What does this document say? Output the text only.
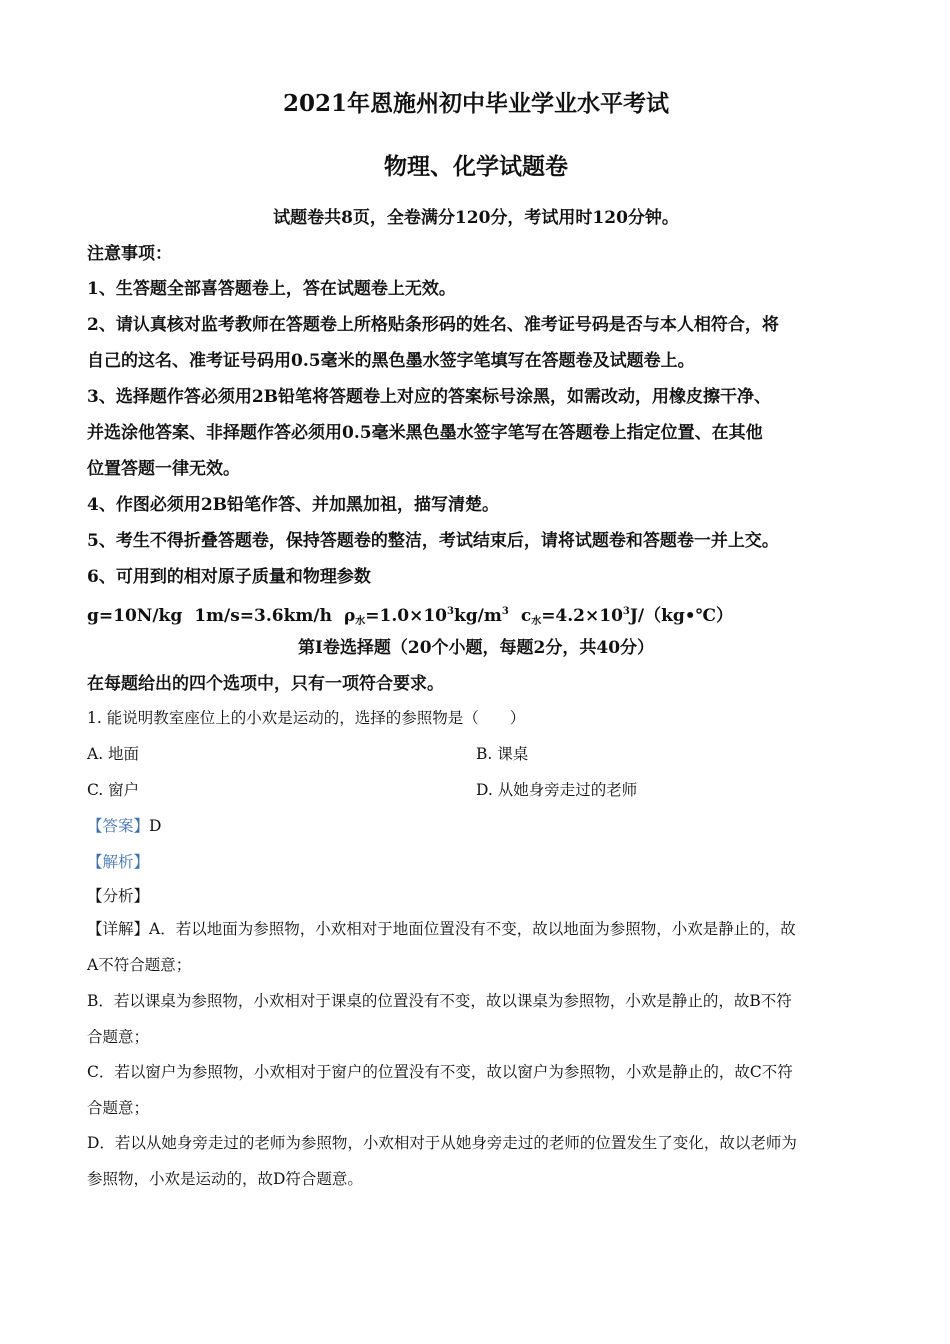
2021年恩施州初中毕业学业水平考试
物理、化学试题卷

试题卷共8页，全卷满分120分，考试用时120分钟。

注意事项：

1、生答题全部喜答题卷上，答在试题卷上无效。

2、请认真核对监考教师在答题卷上所格贴条形码的姓名、准考证号码是否与本人相符合，将

自己的这名、准考证号码用0.5毫米的黑色墨水签字笔填写在答题卷及试题卷上。

3、选择题作答必须用2B铅笔将答题卷上对应的答案标号涂黑，如需改动，用橡皮擦干净、

并选涂他答案、非择题作答必须用0.5毫米黑色墨水签字笔写在答题卷上指定位置、在其他

位置答题一律无效。

4、作图必须用2B铅笔作答、并加黑加祖，描写清楚。

5、考生不得折叠答题卷，保持答题卷的整洁，考试结束后，请将试题卷和答题卷一并上交。

6、可用到的相对原子质量和物理参数

g=10N/kg 1m/s=3.6km/h $\rho_水=1.0\times 10^3kg/m^3$ $c_水=4.2\times 10^3J/(kg•℃)$

第I卷选择题（20个小题，每题2分，共40分）

在每题给出的四个选项中，只有一项符合要求。

1. 能说明教室座位上的小欢是运动的，选择的参照物是（　　）

A. 地面	B. 课桌
C. 窗户	D. 从她身旁走过的老师

【答案】D

【解析】

【分析】

【详解】A．若以地面为参照物，小欢相对于地面位置没有不变，故以地面为参照物，小欢是静止的，故

A不符合题意；

B．若以课桌为参照物，小欢相对于课桌的位置没有不变，故以课桌为参照物，小欢是静止的，故B不符

合题意；

C．若以窗户为参照物，小欢相对于窗户的位置没有不变，故以窗户为参照物，小欢是静止的，故C不符

合题意；

D．若以从她身旁走过的老师为参照物，小欢相对于从她身旁走过的老师的位置发生了变化，故以老师为

参照物，小欢是运动的，故D符合题意。
